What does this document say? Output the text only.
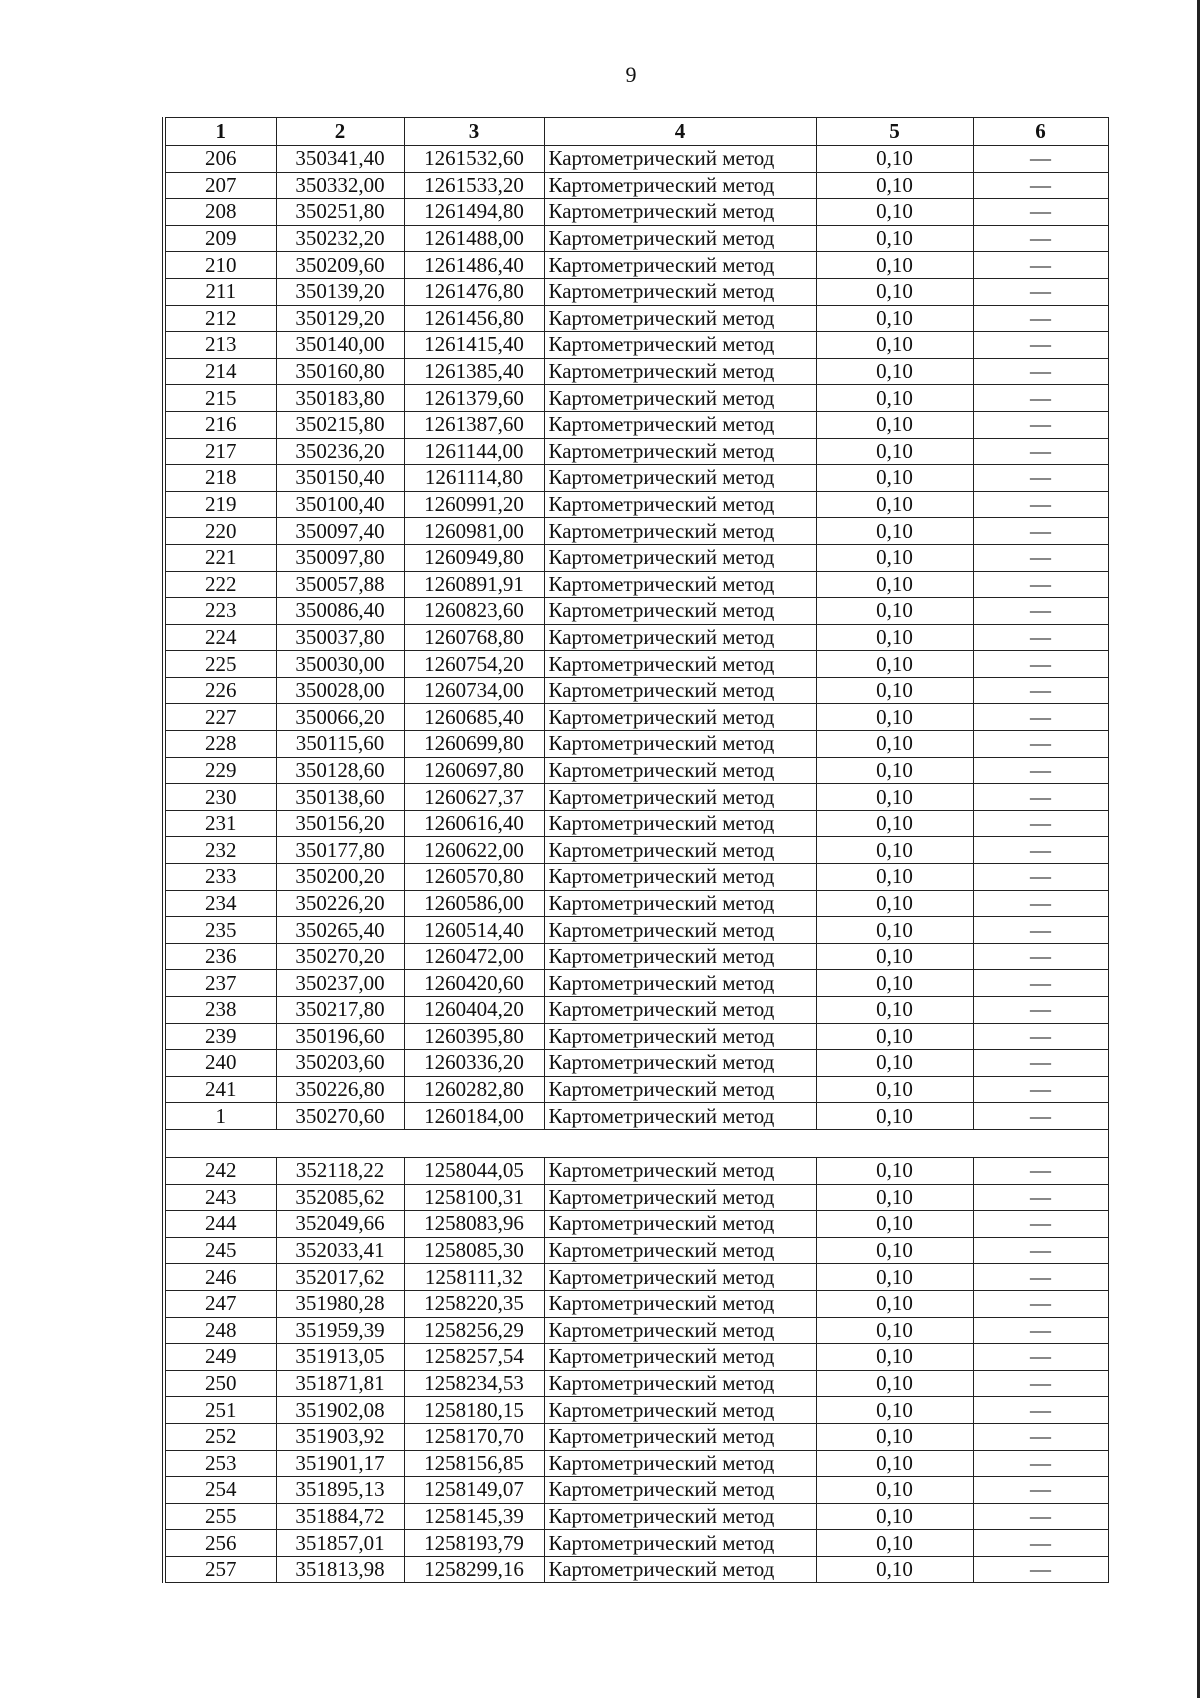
9
1	2	3	4	5	6
206	350341,40	1261532,60	Картометрический метод	0,10	—
207	350332,00	1261533,20	Картометрический метод	0,10	—
208	350251,80	1261494,80	Картометрический метод	0,10	—
209	350232,20	1261488,00	Картометрический метод	0,10	—
210	350209,60	1261486,40	Картометрический метод	0,10	—
211	350139,20	1261476,80	Картометрический метод	0,10	—
212	350129,20	1261456,80	Картометрический метод	0,10	—
213	350140,00	1261415,40	Картометрический метод	0,10	—
214	350160,80	1261385,40	Картометрический метод	0,10	—
215	350183,80	1261379,60	Картометрический метод	0,10	—
216	350215,80	1261387,60	Картометрический метод	0,10	—
217	350236,20	1261144,00	Картометрический метод	0,10	—
218	350150,40	1261114,80	Картометрический метод	0,10	—
219	350100,40	1260991,20	Картометрический метод	0,10	—
220	350097,40	1260981,00	Картометрический метод	0,10	—
221	350097,80	1260949,80	Картометрический метод	0,10	—
222	350057,88	1260891,91	Картометрический метод	0,10	—
223	350086,40	1260823,60	Картометрический метод	0,10	—
224	350037,80	1260768,80	Картометрический метод	0,10	—
225	350030,00	1260754,20	Картометрический метод	0,10	—
226	350028,00	1260734,00	Картометрический метод	0,10	—
227	350066,20	1260685,40	Картометрический метод	0,10	—
228	350115,60	1260699,80	Картометрический метод	0,10	—
229	350128,60	1260697,80	Картометрический метод	0,10	—
230	350138,60	1260627,37	Картометрический метод	0,10	—
231	350156,20	1260616,40	Картометрический метод	0,10	—
232	350177,80	1260622,00	Картометрический метод	0,10	—
233	350200,20	1260570,80	Картометрический метод	0,10	—
234	350226,20	1260586,00	Картометрический метод	0,10	—
235	350265,40	1260514,40	Картометрический метод	0,10	—
236	350270,20	1260472,00	Картометрический метод	0,10	—
237	350237,00	1260420,60	Картометрический метод	0,10	—
238	350217,80	1260404,20	Картометрический метод	0,10	—
239	350196,60	1260395,80	Картометрический метод	0,10	—
240	350203,60	1260336,20	Картометрический метод	0,10	—
241	350226,80	1260282,80	Картометрический метод	0,10	—
1	350270,60	1260184,00	Картометрический метод	0,10	—

242	352118,22	1258044,05	Картометрический метод	0,10	—
243	352085,62	1258100,31	Картометрический метод	0,10	—
244	352049,66	1258083,96	Картометрический метод	0,10	—
245	352033,41	1258085,30	Картометрический метод	0,10	—
246	352017,62	1258111,32	Картометрический метод	0,10	—
247	351980,28	1258220,35	Картометрический метод	0,10	—
248	351959,39	1258256,29	Картометрический метод	0,10	—
249	351913,05	1258257,54	Картометрический метод	0,10	—
250	351871,81	1258234,53	Картометрический метод	0,10	—
251	351902,08	1258180,15	Картометрический метод	0,10	—
252	351903,92	1258170,70	Картометрический метод	0,10	—
253	351901,17	1258156,85	Картометрический метод	0,10	—
254	351895,13	1258149,07	Картометрический метод	0,10	—
255	351884,72	1258145,39	Картометрический метод	0,10	—
256	351857,01	1258193,79	Картометрический метод	0,10	—
257	351813,98	1258299,16	Картометрический метод	0,10	—
